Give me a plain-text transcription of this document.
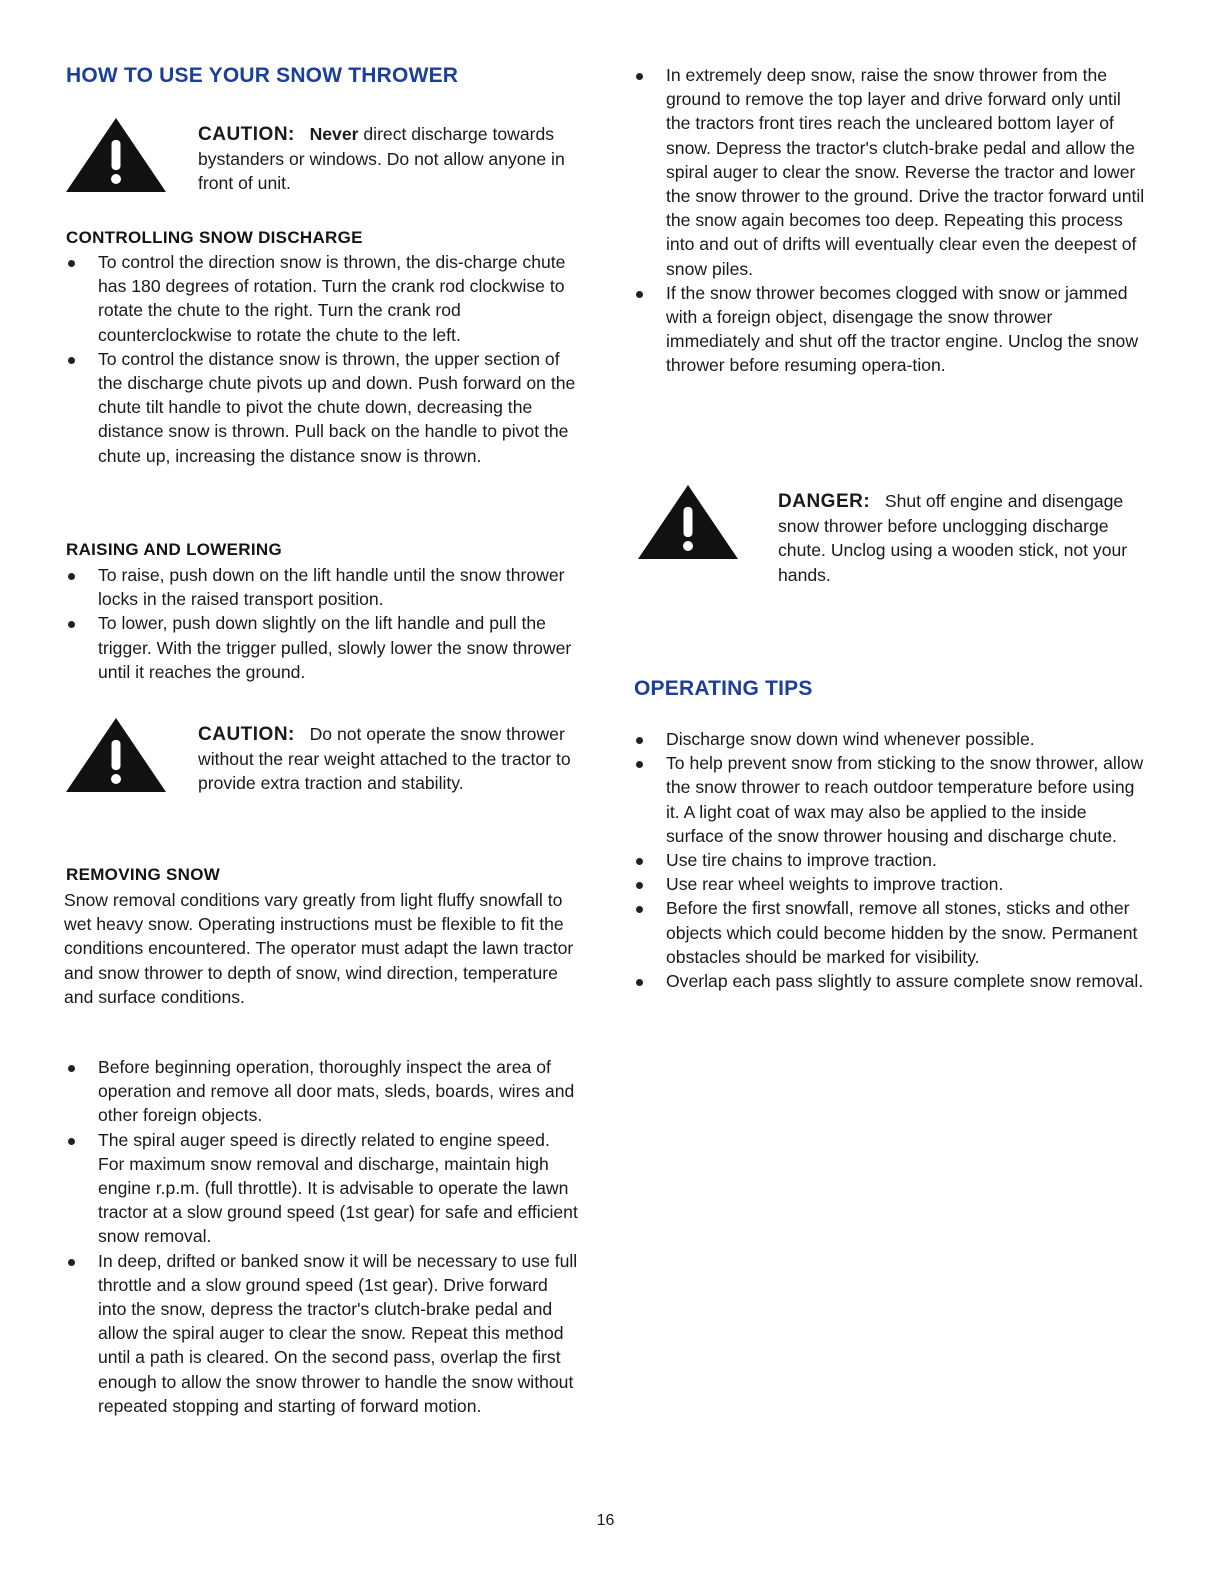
HOW TO USE YOUR SNOW THROWER
CAUTION: Never direct discharge towards bystanders or windows. Do not allow anyone in front of unit.
CONTROLLING SNOW DISCHARGE
To control the direction snow is thrown, the dis-charge chute has 180 degrees of rotation. Turn the crank rod clockwise to rotate the chute to the right. Turn the crank rod counterclockwise to rotate the chute to the left.
To control the distance snow is thrown, the upper section of the discharge chute pivots up and down. Push forward on the chute tilt handle to pivot the chute down, decreasing the distance snow is thrown. Pull back on the handle to pivot the chute up, increasing the distance snow is thrown.
RAISING AND LOWERING
To raise, push down on the lift handle until the snow thrower locks in the raised transport position.
To lower, push down slightly on the lift handle and pull the trigger. With the trigger pulled, slowly lower the snow thrower until it reaches the ground.
CAUTION: Do not operate the snow thrower without the rear weight attached to the tractor to provide extra traction and stability.
REMOVING SNOW

Snow removal conditions vary greatly from light fluffy snowfall to wet heavy snow. Operating instructions must be flexible to fit the conditions encountered. The operator must adapt the lawn tractor and snow thrower to depth of snow, wind direction, temperature and surface conditions.

Before beginning operation, thoroughly inspect the area of operation and remove all door mats, sleds, boards, wires and other foreign objects.
The spiral auger speed is directly related to engine speed. For maximum snow removal and discharge, maintain high engine r.p.m. (full throttle). It is advisable to operate the lawn tractor at a slow ground speed (1st gear) for safe and efficient snow removal.
In deep, drifted or banked snow it will be necessary to use full throttle and a slow ground speed (1st gear). Drive forward into the snow, depress the tractor's clutch-brake pedal and allow the spiral auger to clear the snow. Repeat this method until a path is cleared. On the second pass, overlap the first enough to allow the snow thrower to handle the snow without repeated stopping and starting of forward motion.
In extremely deep snow, raise the snow thrower from the ground to remove the top layer and drive forward only until the tractors front tires reach the uncleared bottom layer of snow. Depress the tractor's clutch-brake pedal and allow the spiral auger to clear the snow. Reverse the tractor and lower the snow thrower to the ground. Drive the tractor forward until the snow again becomes too deep. Repeating this process into and out of drifts will eventually clear even the deepest of snow piles.
If the snow thrower becomes clogged with snow or jammed with a foreign object, disengage the snow thrower immediately and shut off the tractor engine. Unclog the snow thrower before resuming opera-tion.
DANGER: Shut off engine and disengage snow thrower before unclogging discharge chute. Unclog using a wooden stick, not your hands.
OPERATING TIPS
Discharge snow down wind whenever possible.
To help prevent snow from sticking to the snow thrower, allow the snow thrower to reach outdoor temperature before using it. A light coat of wax may also be applied to the inside surface of the snow thrower housing and discharge chute.
Use tire chains to improve traction.
Use rear wheel weights to improve traction.
Before the first snowfall, remove all stones, sticks and other objects which could become hidden by the snow. Permanent obstacles should be marked for visibility.
Overlap each pass slightly to assure complete snow removal.
16
